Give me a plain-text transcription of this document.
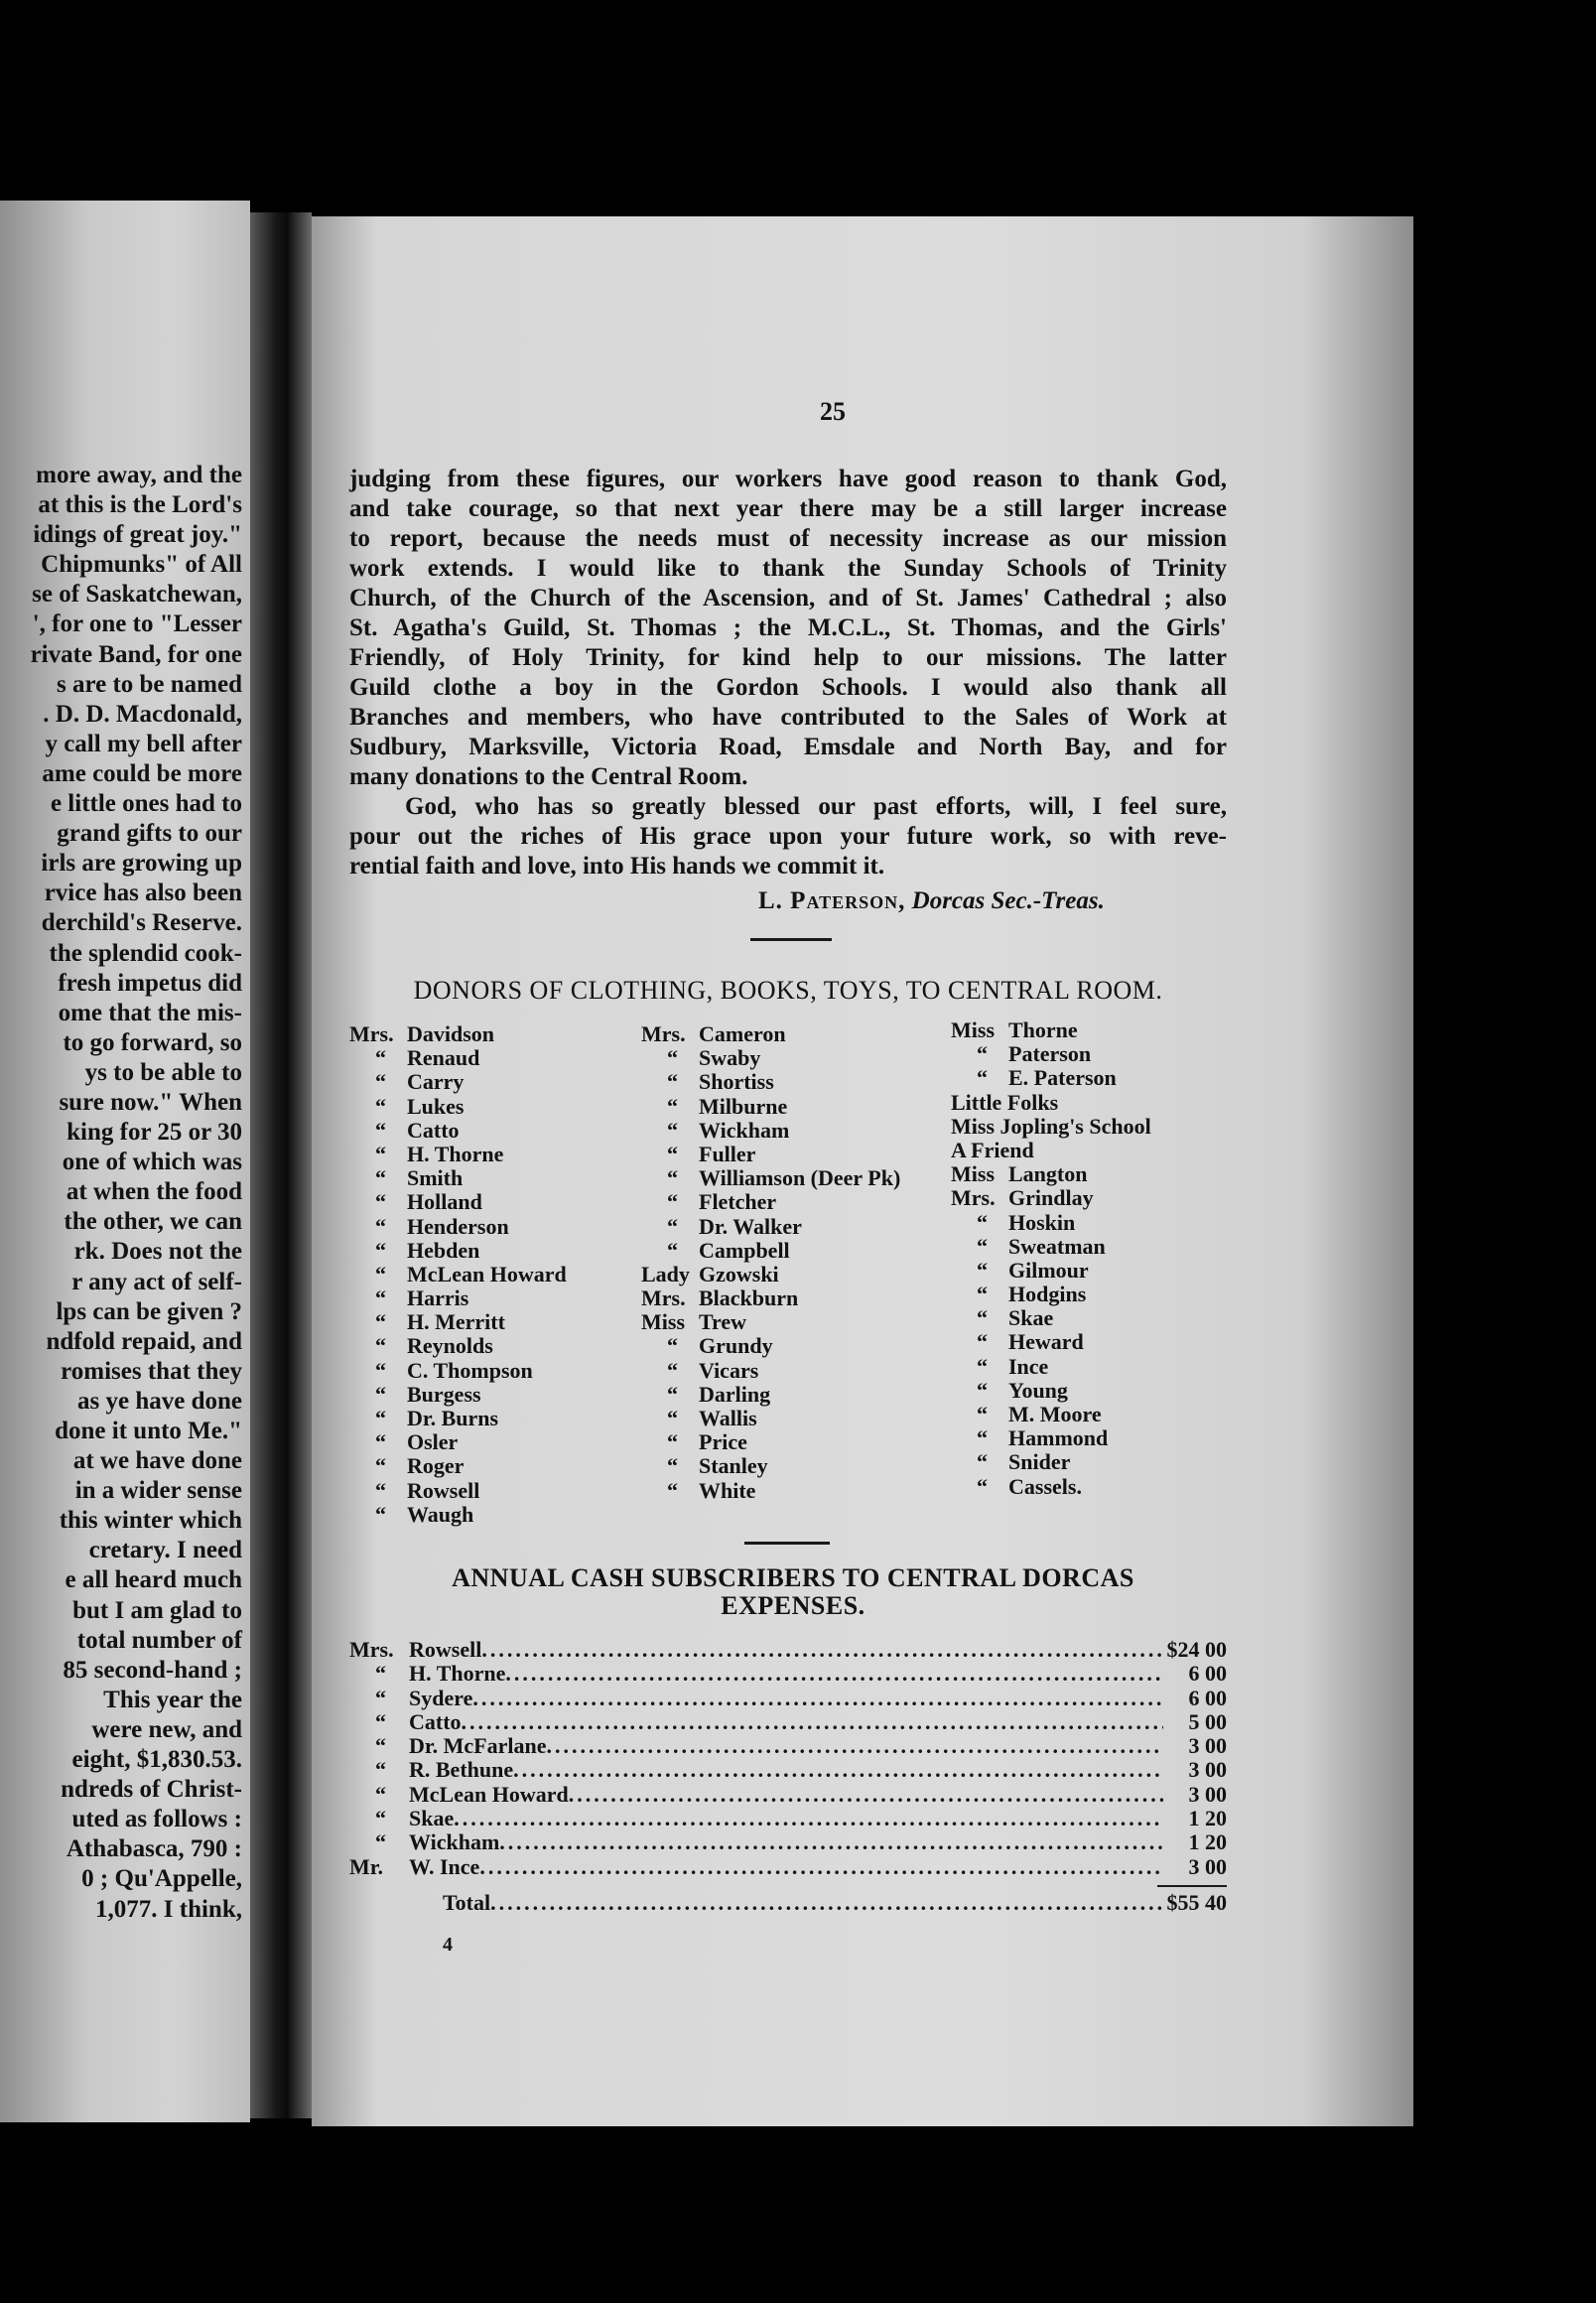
more away, and the
at this is the Lord's
idings of great joy."
Chipmunks" of All
se of Saskatchewan,
', for one to "Lesser
rivate Band, for one
s are to be named
. D. D. Macdonald,
y call my bell after
ame could be more
e little ones had to
grand gifts to our
irls are growing up
rvice has also been
derchild's Reserve.
the splendid cook-
fresh impetus did
ome that the mis-
to go forward, so
ys to be able to
sure now." When
king for 25 or 30
one of which was
at when the food
the other, we can
rk. Does not the
r any act of self-
lps can be given ?
ndfold repaid, and
romises that they
as ye have done
done it unto Me."
at we have done
in a wider sense
this winter which
cretary. I need
e all heard much
but I am glad to
total number of
85 second-hand ;
This year the
were new, and
eight, $1,830.53.
ndreds of Christ-
uted as follows :
Athabasca, 790 :
0 ; Qu'Appelle,
1,077. I think,
25
judging from these figures, our workers have good reason to thank God,
and take courage, so that next year there may be a still larger increase
to report, because the needs must of necessity increase as our mission
work extends. I would like to thank the Sunday Schools of Trinity
Church, of the Church of the Ascension, and of St. James' Cathedral ; also
St. Agatha's Guild, St. Thomas ; the M.C.L., St. Thomas, and the Girls'
Friendly, of Holy Trinity, for kind help to our missions. The latter
Guild clothe a boy in the Gordon Schools. I would also thank all
Branches and members, who have contributed to the Sales of Work at
Sudbury, Marksville, Victoria Road, Emsdale and North Bay, and for
many donations to the Central Room.
God, who has so greatly blessed our past efforts, will, I feel sure,
pour out the riches of His grace upon your future work, so with reve-
rential faith and love, into His hands we commit it.
L. Paterson, Dorcas Sec.-Treas.
DONORS OF CLOTHING, BOOKS, TOYS, TO CENTRAL ROOM.
Mrs. Davidson
“ Renaud
“ Carry
“ Lukes
“ Catto
“ H. Thorne
“ Smith
“ Holland
“ Henderson
“ Hebden
“ McLean Howard
“ Harris
“ H. Merritt
“ Reynolds
“ C. Thompson
“ Burgess
“ Dr. Burns
“ Osler
“ Roger
“ Rowsell
“ Waugh
Mrs. Cameron
“ Swaby
“ Shortiss
“ Milburne
“ Wickham
“ Fuller
“ Williamson (Deer Pk)
“ Fletcher
“ Dr. Walker
“ Campbell
Lady Gzowski
Mrs. Blackburn
Miss Trew
“ Grundy
“ Vicars
“ Darling
“ Wallis
“ Price
“ Stanley
“ White
Miss Thorne
“ Paterson
“ E. Paterson
Little Folks
Miss Jopling's School
A Friend
Miss Langton
Mrs. Grindlay
“ Hoskin
“ Sweatman
“ Gilmour
“ Hodgins
“ Skae
“ Heward
“ Ince
“ Young
“ M. Moore
“ Hammond
“ Snider
“ Cassels.
ANNUAL CASH SUBSCRIBERS TO CENTRAL DORCAS
EXPENSES.
Mrs. Rowsell .....	$24 00
“	H. Thorne .....	6 00
“	Sydere .....	6 00
“	Catto .....	5 00
“	Dr. McFarlane .....	3 00
“	R. Bethune .....	3 00
“	McLean Howard .....	3 00
“	Skae .....	1 20
“	Wickham .....	1 20
Mr.	W. Ince .....	3 00
Total .....	$55 40
4
